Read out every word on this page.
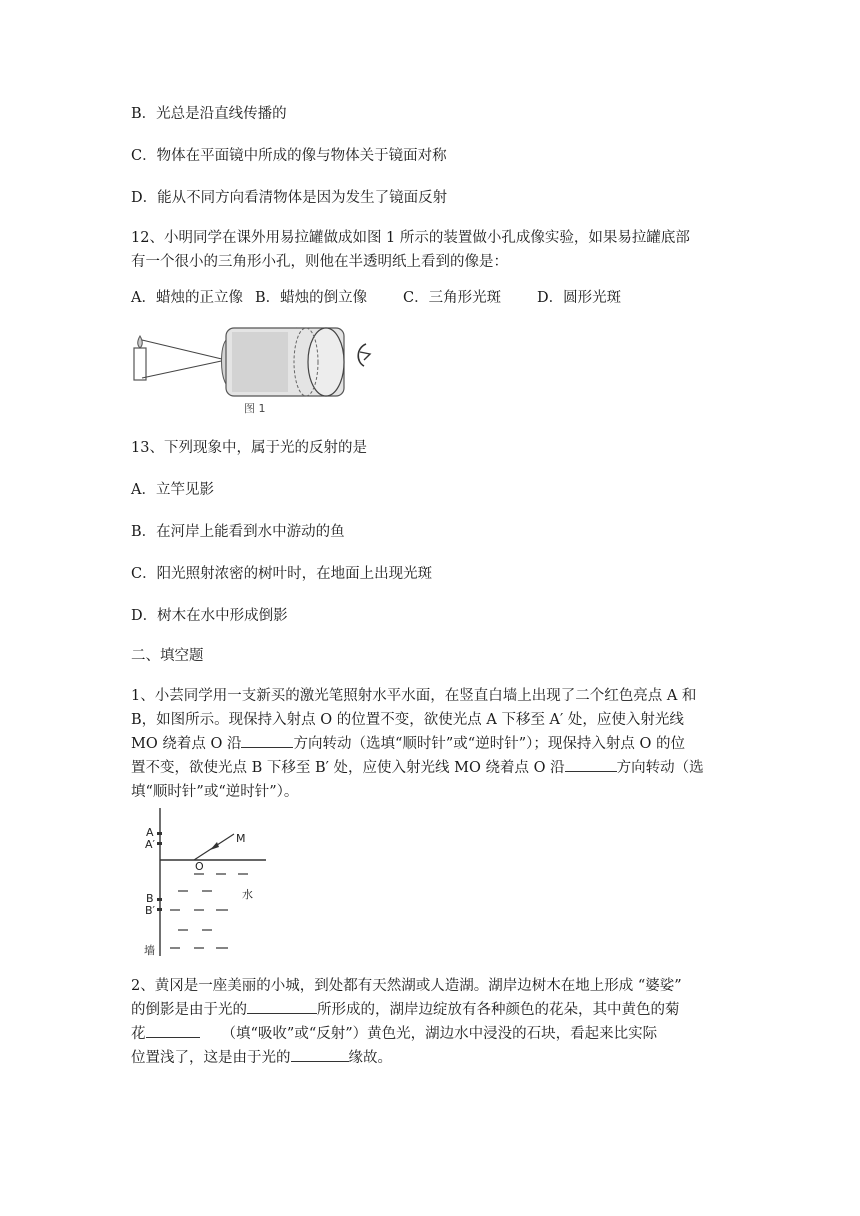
B．光总是沿直线传播的
C．物体在平面镜中所成的像与物体关于镜面对称
D．能从不同方向看清物体是因为发生了镜面反射
12、小明同学在课外用易拉罐做成如图 1 所示的装置做小孔成像实验，如果易拉罐底部
有一个很小的三角形小孔，则他在半透明纸上看到的像是：
A．蜡烛的正立像 B．蜡烛的倒立像 C．三角形光斑 D．圆形光斑
图 1
13、下列现象中，属于光的反射的是
A．立竿见影
B．在河岸上能看到水中游动的鱼
C．阳光照射浓密的树叶时，在地面上出现光斑
D．树木在水中形成倒影
二、填空题
1、小芸同学用一支新买的激光笔照射水平水面，在竖直白墙上出现了二个红色亮点 A 和
B，如图所示。现保持入射点 O 的位置不变，欲使光点 A 下移至 A′ 处，应使入射光线
MO 绕着点 O 沿	方向转动（选填“顺时针”或“逆时针”）；现保持入射点 O 的位
置不变，欲使光点 B 下移至 B′ 处，应使入射光线 MO 绕着点 O 沿	方向转动（选
填“顺时针”或“逆时针”）。
A
A′
B
B′
O
M
水
墙
2、黄冈是一座美丽的小城，到处都有天然湖或人造湖。湖岸边树木在地上形成 “婆娑”
的倒影是由于光的	所形成的，湖岸边绽放有各种颜色的花朵，其中黄色的菊
花	（填“吸收”或“反射”）黄色光，湖边水中浸没的石块，看起来比实际
位置浅了，这是由于光的	缘故。
